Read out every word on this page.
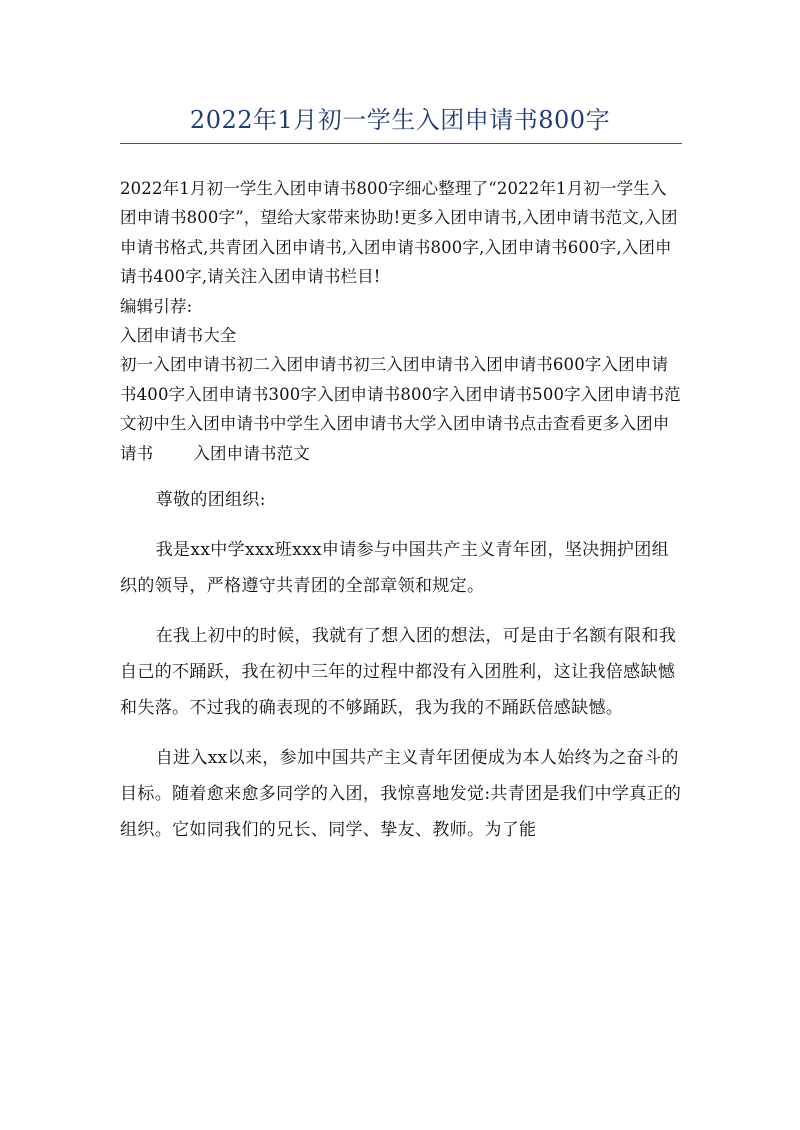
2022年1月初一学生入团申请书800字

2022年1月初一学生入团申请书800字细心整理了“2022年1月初一学生入团申请书800字”，望给大家带来协助!更多入团申请书,入团申请书范文,入团申请书格式,共青团入团申请书,入团申请书800字,入团申请书600字,入团申请书400字,请关注入团申请书栏目!

编辑引荐:
入团申请书大全

初一入团申请书初二入团申请书初三入团申请书入团申请书600字入团申请书400字入团申请书300字入团申请书800字入团申请书500字入团申请书范文初中生入团申请书中学生入团申请书大学入团申请书点击查看更多入团申请书 入团申请书范文

尊敬的团组织:

我是xx中学xxx班xxx申请参与中国共产主义青年团，坚决拥护团组织的领导，严格遵守共青团的全部章领和规定。

在我上初中的时候，我就有了想入团的想法，可是由于名额有限和我自己的不踊跃，我在初中三年的过程中都没有入团胜利，这让我倍感缺憾和失落。不过我的确表现的不够踊跃，我为我的不踊跃倍感缺憾。

自进入xx以来，参加中国共产主义青年团便成为本人始终为之奋斗的目标。随着愈来愈多同学的入团，我惊喜地发觉:共青团是我们中学真正的组织。它如同我们的兄长、同学、挚友、教师。为了能
